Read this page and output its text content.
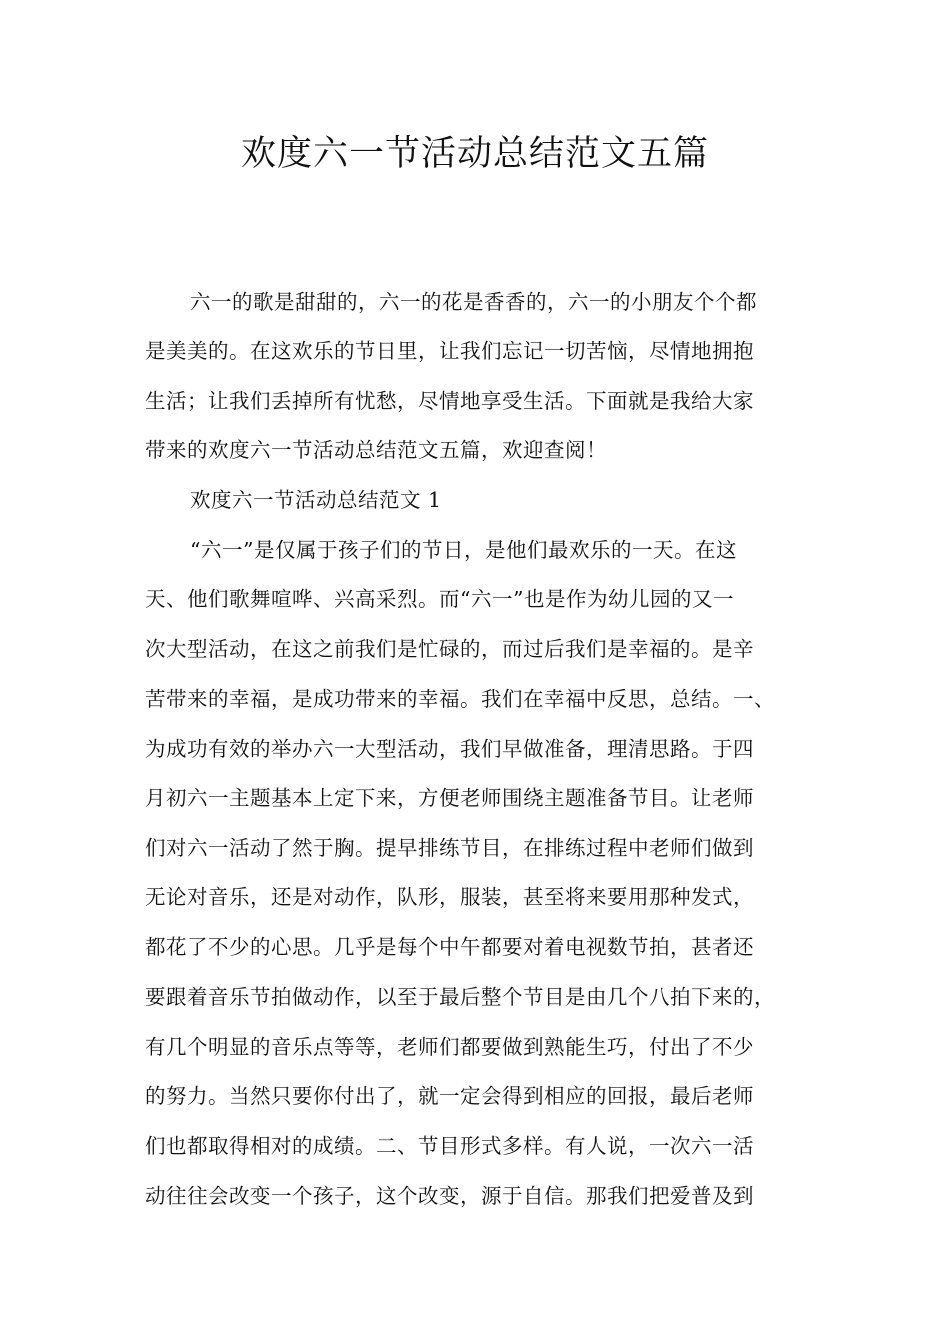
欢度六一节活动总结范文五篇
六一的歌是甜甜的，六一的花是香香的，六一的小朋友个个都
是美美的。在这欢乐的节日里，让我们忘记一切苦恼，尽情地拥抱
生活；让我们丢掉所有忧愁，尽情地享受生活。下面就是我给大家
带来的欢度六一节活动总结范文五篇，欢迎查阅！
欢度六一节活动总结范文 1
“六一”是仅属于孩子们的节日，是他们最欢乐的一天。在这
天、他们歌舞喧哗、兴高采烈。而“六一”也是作为幼儿园的又一
次大型活动，在这之前我们是忙碌的，而过后我们是幸福的。是辛
苦带来的幸福，是成功带来的幸福。我们在幸福中反思，总结。一、
为成功有效的举办六一大型活动，我们早做准备，理清思路。于四
月初六一主题基本上定下来，方便老师围绕主题准备节目。让老师
们对六一活动了然于胸。提早排练节目，在排练过程中老师们做到
无论对音乐，还是对动作，队形，服装，甚至将来要用那种发式，
都花了不少的心思。几乎是每个中午都要对着电视数节拍，甚者还
要跟着音乐节拍做动作，以至于最后整个节目是由几个八拍下来的，
有几个明显的音乐点等等，老师们都要做到熟能生巧，付出了不少
的努力。当然只要你付出了，就一定会得到相应的回报，最后老师
们也都取得相对的成绩。二、节目形式多样。有人说，一次六一活
动往往会改变一个孩子，这个改变，源于自信。那我们把爱普及到
